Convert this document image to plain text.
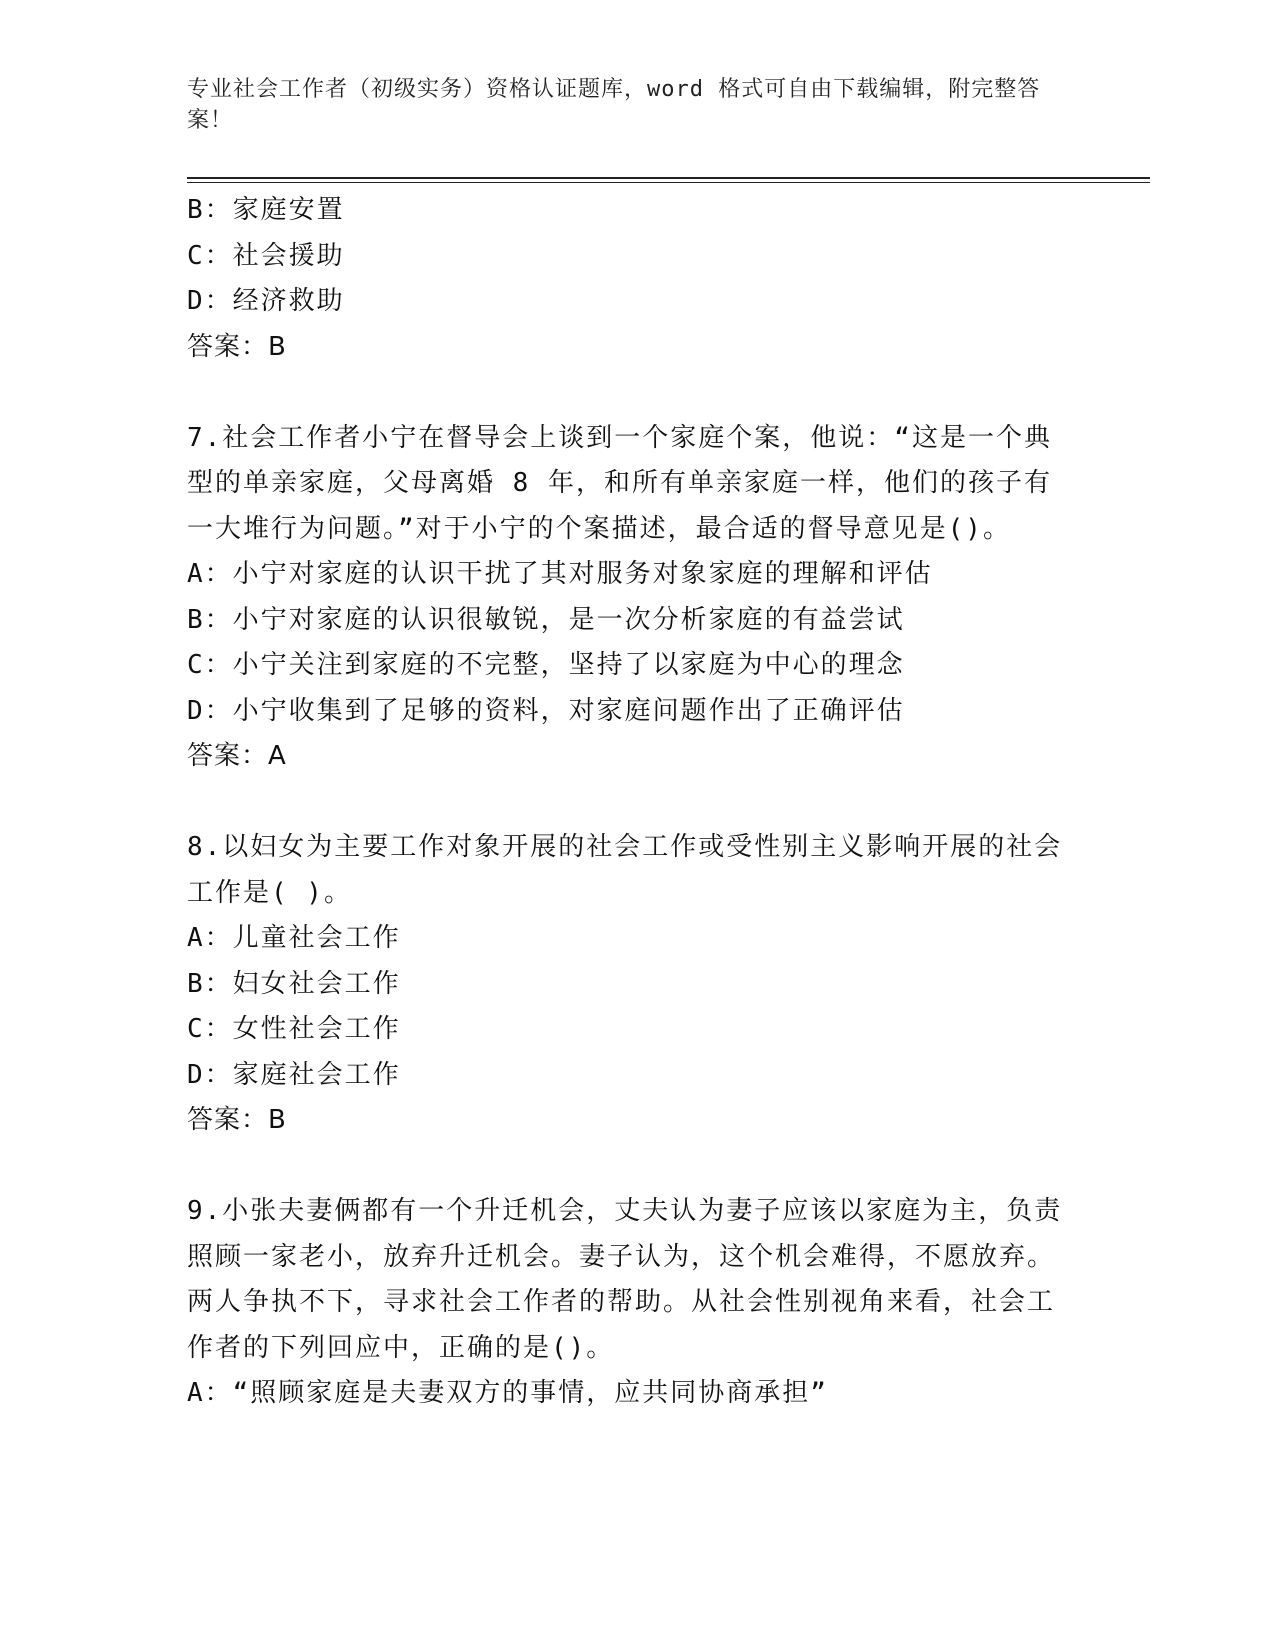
专业社会工作者（初级实务）资格认证题库，word 格式可自由下载编辑，附完整答案！
B：家庭安置
C：社会援助
D：经济救助
答案：B
7.社会工作者小宁在督导会上谈到一个家庭个案，他说：“这是一个典型的单亲家庭，父母离婚 8 年，和所有单亲家庭一样，他们的孩子有一大堆行为问题。”对于小宁的个案描述，最合适的督导意见是()。
A：小宁对家庭的认识干扰了其对服务对象家庭的理解和评估
B：小宁对家庭的认识很敏锐，是一次分析家庭的有益尝试
C：小宁关注到家庭的不完整，坚持了以家庭为中心的理念
D：小宁收集到了足够的资料，对家庭问题作出了正确评估
答案：A
8.以妇女为主要工作对象开展的社会工作或受性别主义影响开展的社会工作是( )。
A：儿童社会工作
B：妇女社会工作
C：女性社会工作
D：家庭社会工作
答案：B
9.小张夫妻俩都有一个升迁机会，丈夫认为妻子应该以家庭为主，负责照顾一家老小，放弃升迁机会。妻子认为，这个机会难得，不愿放弃。两人争执不下，寻求社会工作者的帮助。从社会性别视角来看，社会工作者的下列回应中，正确的是()。
A：“照顾家庭是夫妻双方的事情，应共同协商承担”
